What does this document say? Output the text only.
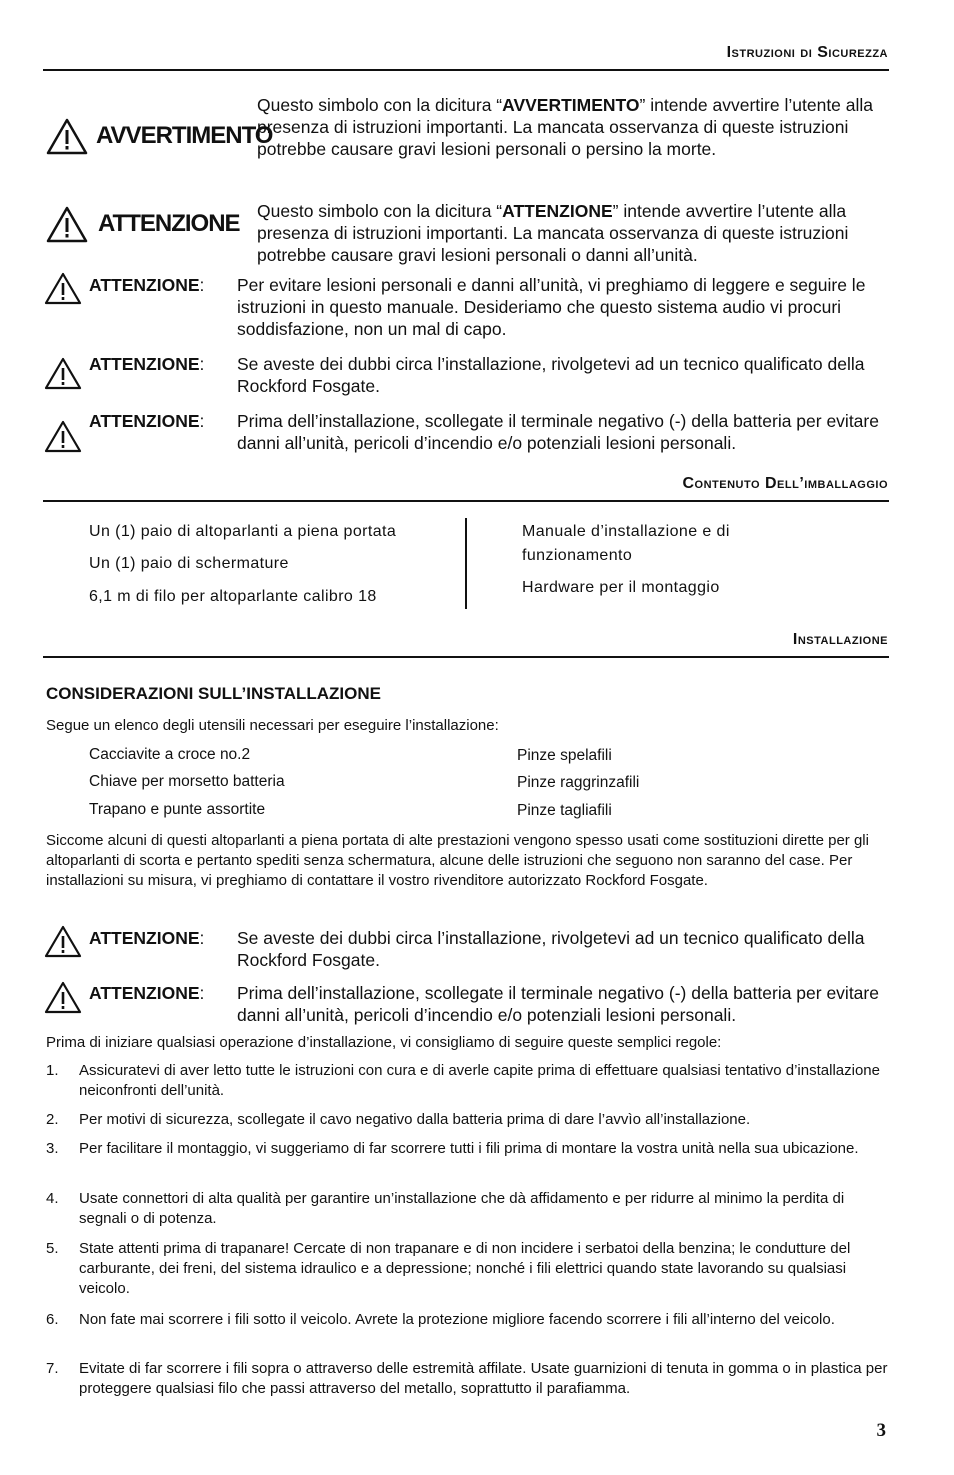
Istruzioni di Sicurezza
AVVERTIMENTO
Questo simbolo con la dicitura “AVVERTIMENTO” intende avvertire l’utente alla presenza di istruzioni importanti. La mancata osservanza di queste istruzioni potrebbe causare gravi lesioni personali o persino la morte.
ATTENZIONE Questo simbolo con la dicitura “ATTENZIONE” intende avvertire l’utente alla presenza di istruzioni importanti. La mancata osservanza di queste istruzioni potrebbe causare gravi lesioni personali o danni all’unità.
ATTENZIONE: Per evitare lesioni personali e danni all’unità, vi preghiamo di leggere e seguire le istruzioni in questo manuale. Desideriamo che questo sistema audio vi procuri soddisfazione, non un mal di capo.
ATTENZIONE: Se aveste dei dubbi circa l’installazione, rivolgetevi ad un tecnico qualificato della Rockford Fosgate.
ATTENZIONE: Prima dell’installazione, scollegate il terminale negativo (-) della batteria per evitare danni all’unità, pericoli d’incendio e/o potenziali lesioni personali.
Contenuto Dell’imballaggio
Un (1) paio di altoparlanti a piena portata
Un (1) paio di schermature
6,1 m di filo per altoparlante calibro 18
Manuale d’installazione e di funzionamento
Hardware per il montaggio
Installazione
CONSIDERAZIONI SULL’INSTALLAZIONE
Segue un elenco degli utensili necessari per eseguire l’installazione:
Cacciavite a croce no.2
Chiave per morsetto batteria
Trapano e punte assortite
Pinze spelafili
Pinze raggrinzafili
Pinze tagliafili
Siccome alcuni di questi altoparlanti a piena portata di alte prestazioni vengono spesso usati come sostituzioni dirette per gli altoparlanti di scorta e pertanto spediti senza schermatura, alcune delle istruzioni che seguono non saranno del case. Per installazioni su misura, vi preghiamo di contattare il vostro rivenditore autorizzato Rockford Fosgate.
ATTENZIONE: Se aveste dei dubbi circa l’installazione, rivolgetevi ad un tecnico qualificato della Rockford Fosgate.
ATTENZIONE: Prima dell’installazione, scollegate il terminale negativo (-) della batteria per evitare danni all’unità, pericoli d’incendio e/o potenziali lesioni personali.
Prima di iniziare qualsiasi operazione d’installazione, vi consigliamo di seguire queste semplici regole:
1. Assicuratevi di aver letto tutte le istruzioni con cura e di averle capite prima di effettuare qualsiasi tentativo d’installazione neiconfronti dell’unità.
2. Per motivi di sicurezza, scollegate il cavo negativo dalla batteria prima di dare l’avvìo all’installazione.
3. Per facilitare il montaggio, vi suggeriamo di far scorrere tutti i fili prima di montare la vostra unità nella sua ubicazione.
4. Usate connettori di alta qualità per garantire un’installazione che dà affidamento e per ridurre al minimo la perdita di segnali o di potenza.
5. State attenti prima di trapanare! Cercate di non trapanare e di non incidere i serbatoi della benzina; le condutture del carburante, dei freni, del sistema idraulico e a depressione; nonché i fili elettrici quando state lavorando su qualsiasi veicolo.
6. Non fate mai scorrere i fili sotto il veicolo. Avrete la protezione migliore facendo scorrere i fili all’interno del veicolo.
7. Evitate di far scorrere i fili sopra o attraverso delle estremità affilate. Usate guarnizioni di tenuta in gomma o in plastica per proteggere qualsiasi filo che passi attraverso del metallo, soprattutto il parafiamma.
3
